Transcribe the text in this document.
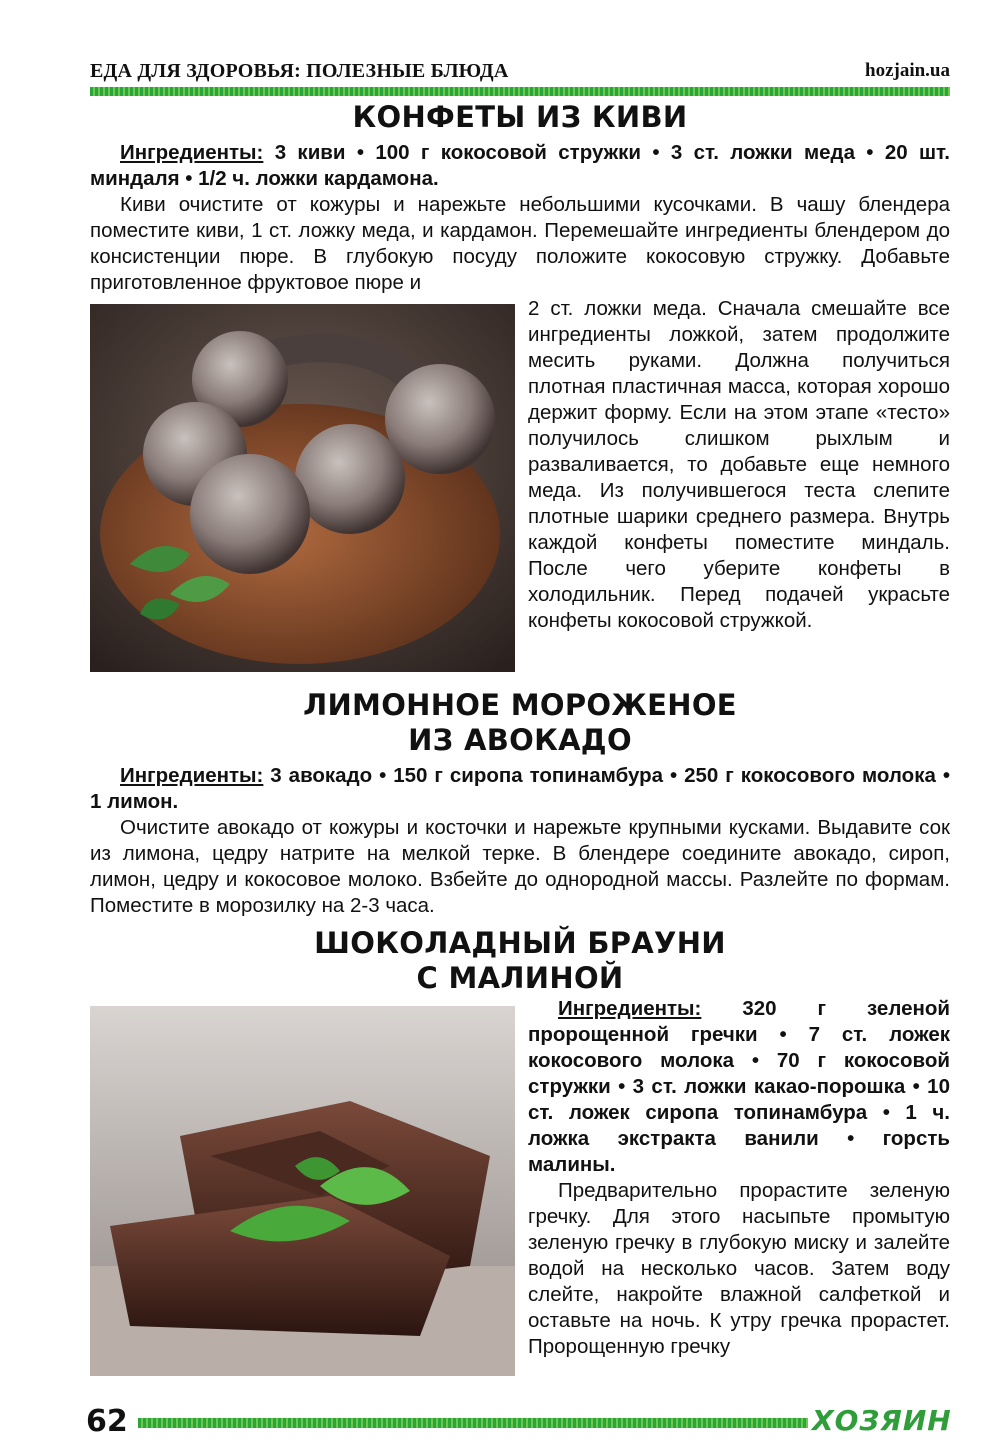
ЕДА ДЛЯ ЗДОРОВЬЯ: ПОЛЕЗНЫЕ БЛЮДА	hozjain.ua
КОНФЕТЫ ИЗ КИВИ
Ингредиенты: 3 киви • 100 г кокосовой стружки • 3 ст. ложки меда • 20 шт. миндаля • 1/2 ч. ложки кардамона.
Киви очистите от кожуры и нарежьте небольшими кусочками. В чашу блендера поместите киви, 1 ст. ложку меда, и кардамон. Перемешайте ингредиенты блендером до консистенции пюре. В глубокую посуду положите кокосовую стружку. Добавьте приготовленное фруктовое пюре и
2 ст. ложки меда. Сначала смешайте все ингредиенты ложкой, затем продолжите месить руками. Должна получиться плотная пластичная масса, которая хорошо держит форму. Если на этом этапе «тесто» получилось слишком рыхлым и разваливается, то добавьте еще немного меда. Из получившегося теста слепите плотные шарики среднего размера. Внутрь каждой конфеты поместите миндаль. После чего уберите конфеты в холодильник. Перед подачей украсьте конфеты кокосовой стружкой.
ЛИМОННОЕ МОРОЖЕНОЕ
ИЗ АВОКАДО
Ингредиенты: 3 авокадо • 150 г сиропа топинамбура • 250 г кокосового молока • 1 лимон.
Очистите авокадо от кожуры и косточки и нарежьте крупными кусками. Выдавите сок из лимона, цедру натрите на мелкой терке. В блендере соедините авокадо, сироп, лимон, цедру и кокосовое молоко. Взбейте до однородной массы. Разлейте по формам. Поместите в морозилку на 2-3 часа.
ШОКОЛАДНЫЙ БРАУНИ
С МАЛИНОЙ
Ингредиенты: 320 г зеленой пророщенной гречки • 7 ст. ложек кокосового молока • 70 г кокосовой стружки • 3 ст. ложки какао-порошка • 10 ст. ложек сиропа топинамбура • 1 ч. ложка экстракта ванили • горсть малины.
Предварительно прорастите зеленую гречку. Для этого насыпьте промытую зеленую гречку в глубокую миску и залейте водой на несколько часов. Затем воду слейте, накройте влажной салфеткой и оставьте на ночь. К утру гречка прорастет. Пророщенную гречку
62	ХОЗЯИН
